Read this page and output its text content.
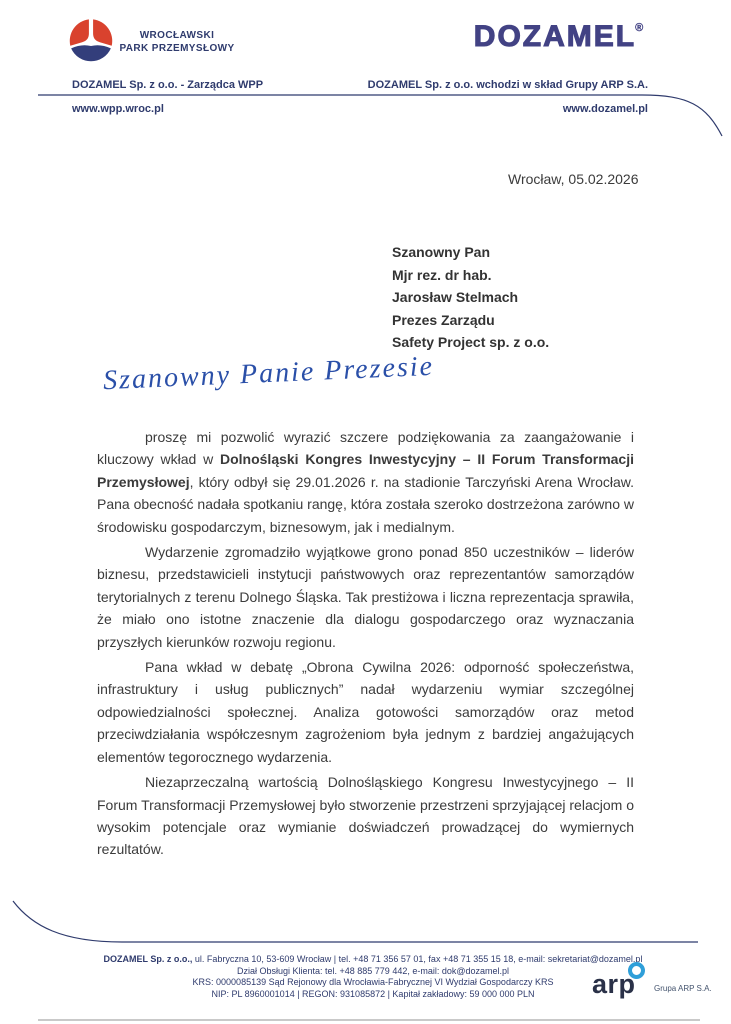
WROCŁAWSKI
PARK PRZEMYSŁOWY	DOZAMEL®
DOZAMEL Sp. z o.o. - Zarządca WPP	DOZAMEL Sp. z o.o. wchodzi w skład Grupy ARP S.A.
www.wpp.wroc.pl	www.dozamel.pl
Wrocław, 05.02.2026
Szanowny Pan
Mjr rez. dr hab.
Jarosław Stelmach
Prezes Zarządu
Safety Project sp. z o.o.
Szanowny Panie Prezesie

proszę mi pozwolić wyrazić szczere podziękowania za zaangażowanie i kluczowy wkład w Dolnośląski Kongres Inwestycyjny – II Forum Transformacji Przemysłowej, który odbył się 29.01.2026 r. na stadionie Tarczyński Arena Wrocław. Pana obecność nadała spotkaniu rangę, która została szeroko dostrzeżona zarówno w środowisku gospodarczym, biznesowym, jak i medialnym.

Wydarzenie zgromadziło wyjątkowe grono ponad 850 uczestników – liderów biznesu, przedstawicieli instytucji państwowych oraz reprezentantów samorządów terytorialnych z terenu Dolnego Śląska. Tak prestiżowa i liczna reprezentacja sprawiła, że miało ono istotne znaczenie dla dialogu gospodarczego oraz wyznaczania przyszłych kierunków rozwoju regionu.

Pana wkład w debatę „Obrona Cywilna 2026: odporność społeczeństwa, infrastruktury i usług publicznych” nadał wydarzeniu wymiar szczególnej odpowiedzialności społecznej. Analiza gotowości samorządów oraz metod przeciwdziałania współczesnym zagrożeniom była jednym z bardziej angażujących elementów tegorocznego wydarzenia.

Niezaprzeczalną wartością Dolnośląskiego Kongresu Inwestycyjnego – II Forum Transformacji Przemysłowej było stworzenie przestrzeni sprzyjającej relacjom o wysokim potencjale oraz wymianie doświadczeń prowadzącej do wymiernych rezultatów.

DOZAMEL Sp. z o.o., ul. Fabryczna 10, 53-609 Wrocław | tel. +48 71 356 57 01, fax +48 71 355 15 18, e-mail: sekretariat@dozamel.pl
Dział Obsługi Klienta: tel. +48 885 779 442, e-mail: dok@dozamel.pl
KRS: 0000085139 Sąd Rejonowy dla Wrocławia-Fabrycznej VI Wydział Gospodarczy KRS
NIP: PL 8960001014 | REGON: 931085872 | Kapitał zakładowy: 59 000 000 PLN	arp Grupa ARP S.A.
